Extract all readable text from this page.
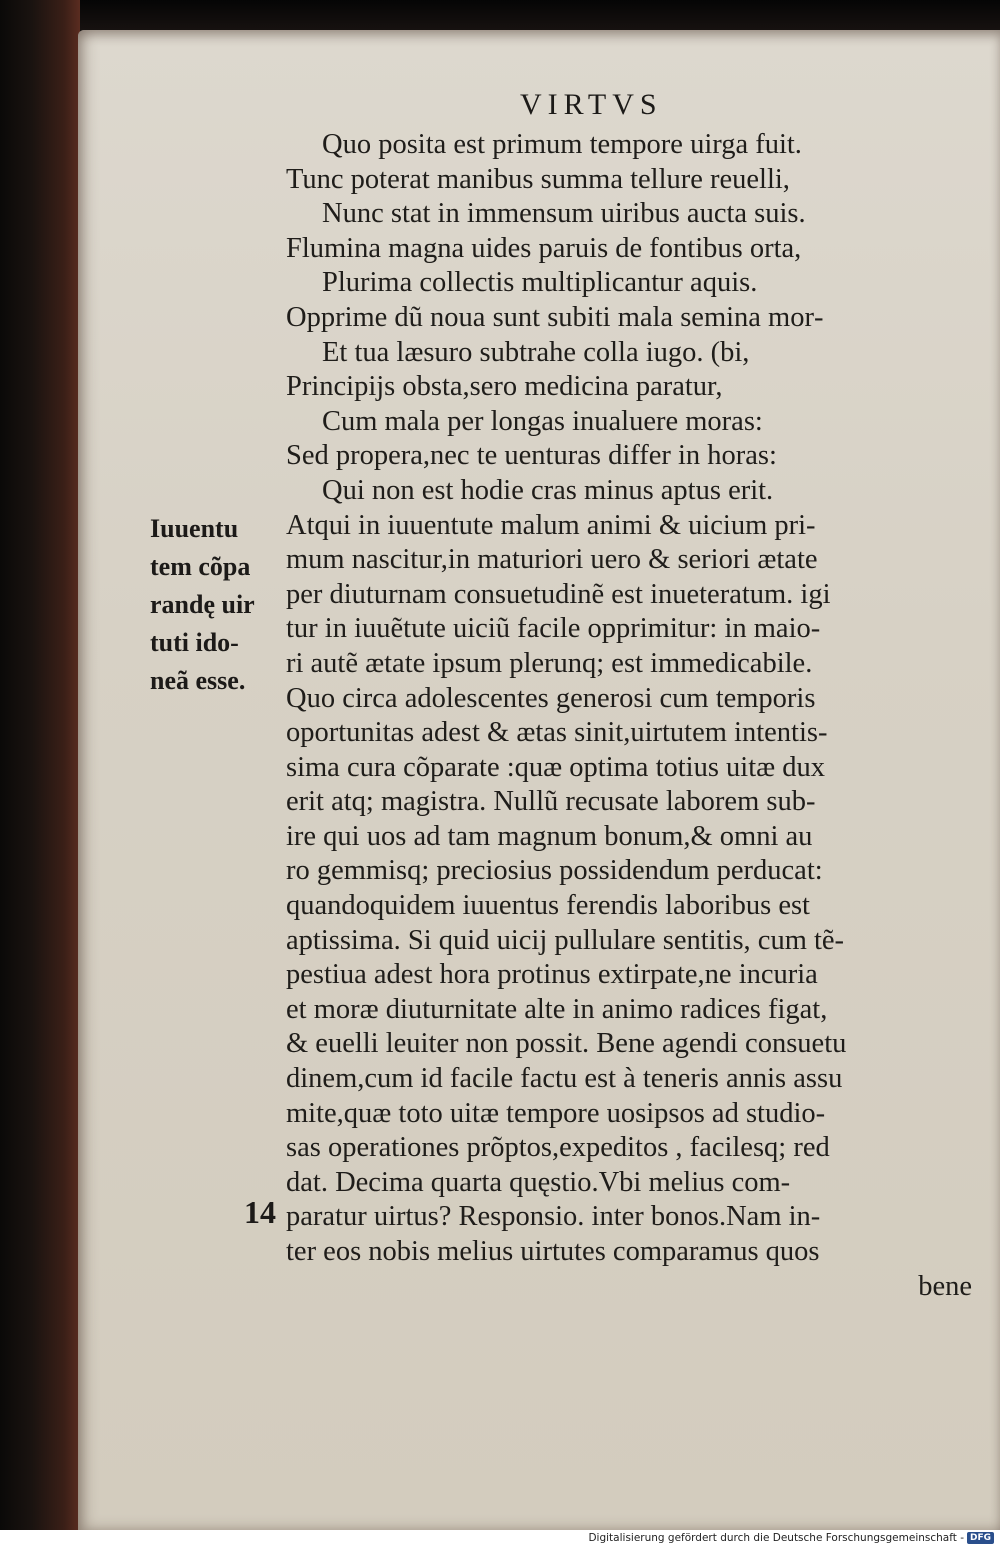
VIRTVS
Iuuentu
tem cõpa
randę uir
tuti ido‑
neã esse.
Quo posita est primum tempore uirga fuit.
Tunc poterat manibus summa tellure reuelli,
Nunc stat in immensum uiribus aucta suis.
Flumina magna uides paruis de fontibus orta,
Plurima collectis multiplicantur aquis.
Opprime dũ noua sunt subiti mala semina mor‑
Et tua læsuro subtrahe colla iugo. (bi,
Principijs obsta,sero medicina paratur,
Cum mala per longas inualuere moras:
Sed propera,nec te uenturas differ in horas:
Qui non est hodie cras minus aptus erit.
Atqui in iuuentute malum animi & uicium pri‑
mum nascitur,in maturiori uero & seriori ætate
per diuturnam consuetudinẽ est inueteratum. igi
tur in iuuẽtute uiciũ facile opprimitur: in maio‑
ri autẽ ætate ipsum plerunq; est immedicabile.
Quo circa adolescentes generosi cum temporis
oportunitas adest & ætas sinit,uirtutem intentis‑
sima cura cõparate :quæ optima totius uitæ dux
erit atq; magistra. Nullũ recusate laborem sub‑
ire qui uos ad tam magnum bonum,& omni au
ro gemmisq; preciosius possidendum perducat:
quandoquidem iuuentus ferendis laboribus est
aptissima. Si quid uicij pullulare sentitis, cum tẽ‑
pestiua adest hora protinus extirpate,ne incuria
et moræ diuturnitate alte in animo radices figat,
& euelli leuiter non possit. Bene agendi consuetu
dinem,cum id facile factu est à teneris annis assu
mite,quæ toto uitæ tempore uosipsos ad studio‑
sas operationes prõptos,expeditos , facilesq; red
dat. Decima quarta quęstio.Vbi melius com‑
paratur uirtus? Responsio. inter bonos.Nam in‑
ter eos nobis melius uirtutes comparamus quos
bene
14
Digitalisierung gefördert durch die Deutsche Forschungsgemeinschaft - DFG
